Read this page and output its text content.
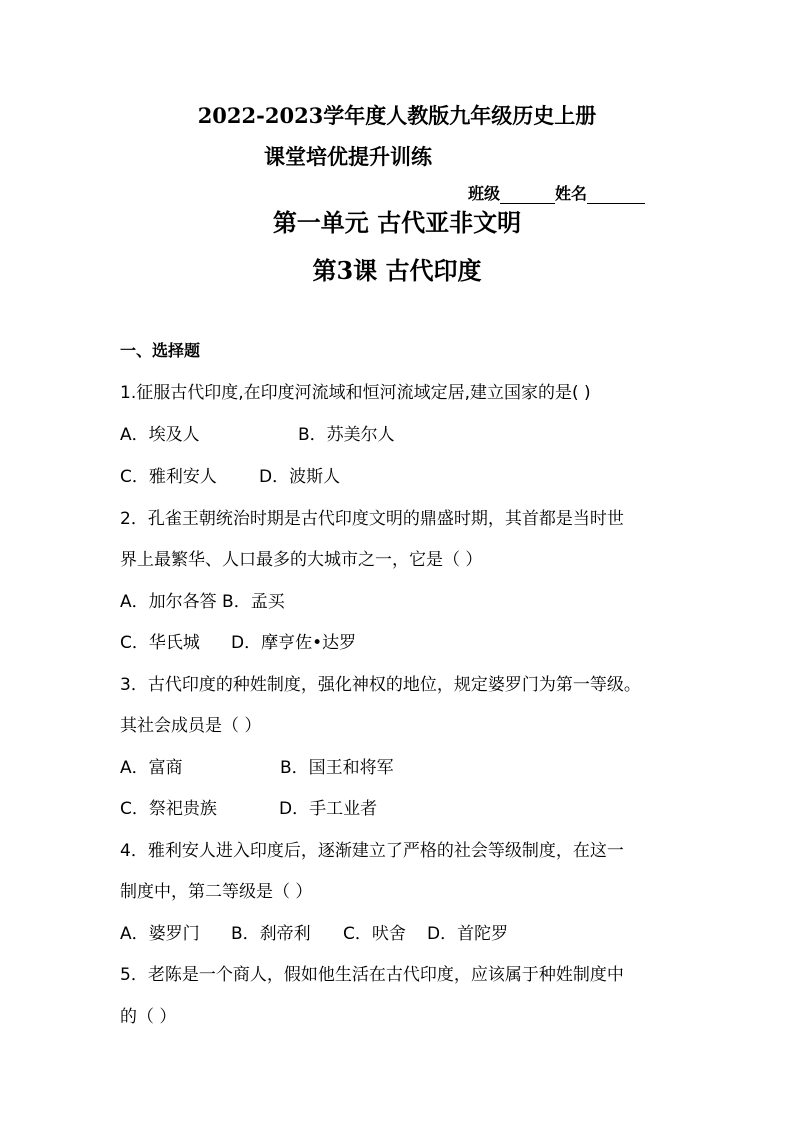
2022-2023学年度人教版九年级历史上册
课堂培优提升训练
班级	姓名
第一单元 古代亚非文明
第3课 古代印度
一、选择题
1.征服古代印度,在印度河流域和恒河流域定居,建立国家的是( )
A．埃及人	B．苏美尔人
C．雅利安人 D．波斯人
2．孔雀王朝统治时期是古代印度文明的鼎盛时期，其首都是当时世
界上最繁华、人口最多的大城市之一，它是（ ）
A．加尔各答 B．孟买
C．华氏城 D．摩亨佐•达罗
3．古代印度的种姓制度，强化神权的地位，规定婆罗门为第一等级。
其社会成员是（ ）
A．富商	B．国王和将军
C．祭祀贵族	D．手工业者
4．雅利安人进入印度后，逐渐建立了严格的社会等级制度，在这一
制度中，第二等级是（ ）
A．婆罗门 B．刹帝利 C．吠舍 D．首陀罗
5．老陈是一个商人，假如他生活在古代印度，应该属于种姓制度中
的（ ）
